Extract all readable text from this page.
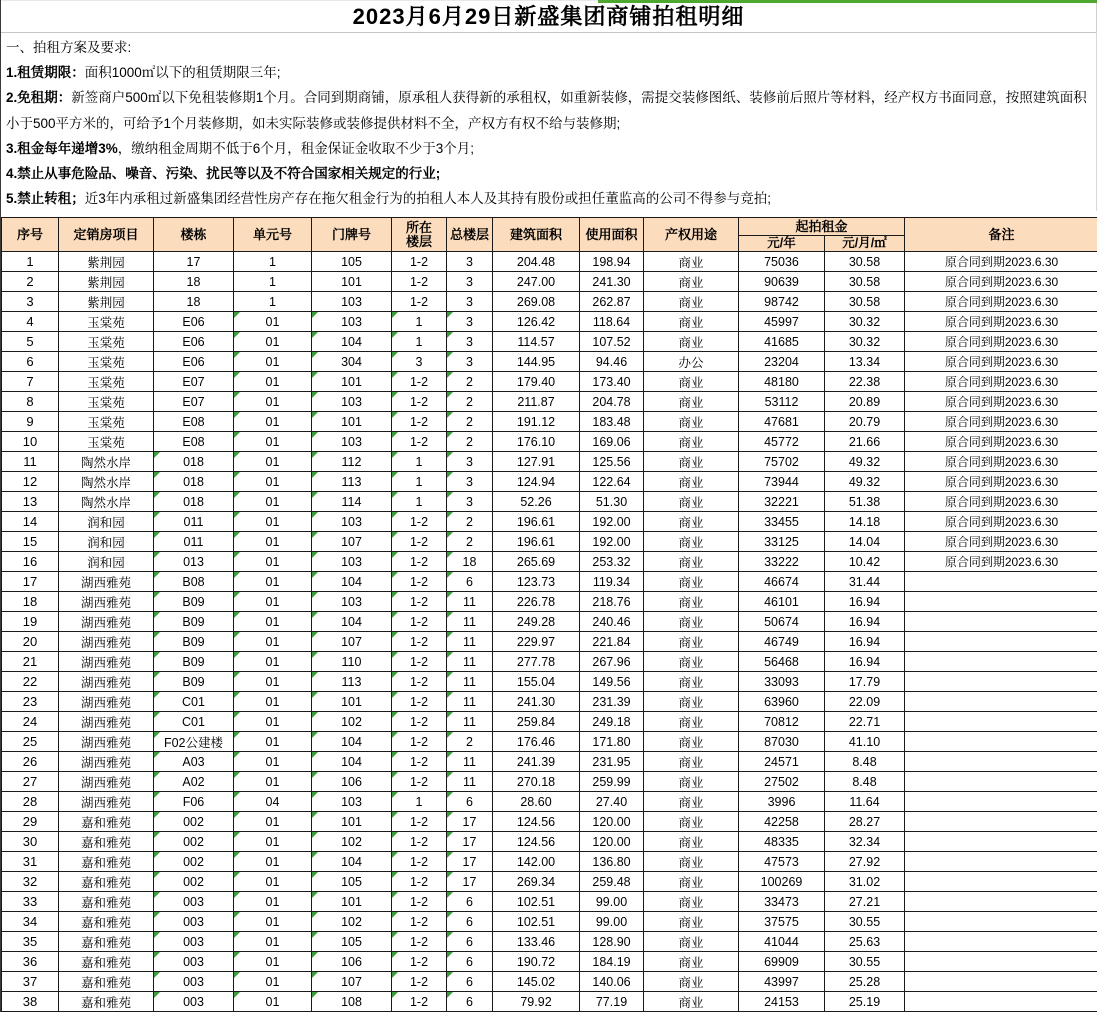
2023月6月29日新盛集团商铺拍租明细

一、拍租方案及要求:

1.租赁期限：面积1000㎡以下的租赁期限三年;

2.免租期：新签商户500㎡以下免租装修期1个月。合同到期商铺，原承租人获得新的承租权，如重新装修，需提交装修图纸、装修前后照片等材料，经产权方书面同意，按照建筑面积小于500平方米的，可给予1个月装修期，如未实际装修或装修提供材料不全，产权方有权不给与装修期;

3.租金每年递增3%，缴纳租金周期不低于6个月，租金保证金收取不少于3个月;

4.禁止从事危险品、噪音、污染、扰民等以及不符合国家相关规定的行业;

5.禁止转租；近3年内承租过新盛集团经营性房产存在拖欠租金行为的拍租人本人及其持有股份或担任董监高的公司不得参与竞拍;

序号	定销房项目	楼栋	单元号	门牌号	所在楼层	总楼层	建筑面积	使用面积	产权用途	起拍租金		备注
										元/年	元/月/㎡	
1	紫荆园	17	1	105	1-2	3	204.48	198.94	商业	75036	30.58	原合同到期2023.6.30
2	紫荆园	18	1	101	1-2	3	247.00	241.30	商业	90639	30.58	原合同到期2023.6.30
3	紫荆园	18	1	103	1-2	3	269.08	262.87	商业	98742	30.58	原合同到期2023.6.30
4	玉棠苑	E06	01	103	1	3	126.42	118.64	商业	45997	30.32	原合同到期2023.6.30
5	玉棠苑	E06	01	104	1	3	114.57	107.52	商业	41685	30.32	原合同到期2023.6.30
6	玉棠苑	E06	01	304	3	3	144.95	94.46	办公	23204	13.34	原合同到期2023.6.30
7	玉棠苑	E07	01	101	1-2	2	179.40	173.40	商业	48180	22.38	原合同到期2023.6.30
8	玉棠苑	E07	01	103	1-2	2	211.87	204.78	商业	53112	20.89	原合同到期2023.6.30
9	玉棠苑	E08	01	101	1-2	2	191.12	183.48	商业	47681	20.79	原合同到期2023.6.30
10	玉棠苑	E08	01	103	1-2	2	176.10	169.06	商业	45772	21.66	原合同到期2023.6.30
11	陶然水岸	018	01	112	1	3	127.91	125.56	商业	75702	49.32	原合同到期2023.6.30
12	陶然水岸	018	01	113	1	3	124.94	122.64	商业	73944	49.32	原合同到期2023.6.30
13	陶然水岸	018	01	114	1	3	52.26	51.30	商业	32221	51.38	原合同到期2023.6.30
14	润和园	011	01	103	1-2	2	196.61	192.00	商业	33455	14.18	原合同到期2023.6.30
15	润和园	011	01	107	1-2	2	196.61	192.00	商业	33125	14.04	原合同到期2023.6.30
16	润和园	013	01	103	1-2	18	265.69	253.32	商业	33222	10.42	原合同到期2023.6.30
17	湖西雅苑	B08	01	104	1-2	6	123.73	119.34	商业	46674	31.44	
18	湖西雅苑	B09	01	103	1-2	11	226.78	218.76	商业	46101	16.94	
19	湖西雅苑	B09	01	104	1-2	11	249.28	240.46	商业	50674	16.94	
20	湖西雅苑	B09	01	107	1-2	11	229.97	221.84	商业	46749	16.94	
21	湖西雅苑	B09	01	110	1-2	11	277.78	267.96	商业	56468	16.94	
22	湖西雅苑	B09	01	113	1-2	11	155.04	149.56	商业	33093	17.79	
23	湖西雅苑	C01	01	101	1-2	11	241.30	231.39	商业	63960	22.09	
24	湖西雅苑	C01	01	102	1-2	11	259.84	249.18	商业	70812	22.71	
25	湖西雅苑	F02公建楼	01	104	1-2	2	176.46	171.80	商业	87030	41.10	
26	湖西雅苑	A03	01	104	1-2	11	241.39	231.95	商业	24571	8.48	
27	湖西雅苑	A02	01	106	1-2	11	270.18	259.99	商业	27502	8.48	
28	湖西雅苑	F06	04	103	1	6	28.60	27.40	商业	3996	11.64	
29	嘉和雅苑	002	01	101	1-2	17	124.56	120.00	商业	42258	28.27	
30	嘉和雅苑	002	01	102	1-2	17	124.56	120.00	商业	48335	32.34	
31	嘉和雅苑	002	01	104	1-2	17	142.00	136.80	商业	47573	27.92	
32	嘉和雅苑	002	01	105	1-2	17	269.34	259.48	商业	100269	31.02	
33	嘉和雅苑	003	01	101	1-2	6	102.51	99.00	商业	33473	27.21	
34	嘉和雅苑	003	01	102	1-2	6	102.51	99.00	商业	37575	30.55	
35	嘉和雅苑	003	01	105	1-2	6	133.46	128.90	商业	41044	25.63	
36	嘉和雅苑	003	01	106	1-2	6	190.72	184.19	商业	69909	30.55	
37	嘉和雅苑	003	01	107	1-2	6	145.02	140.06	商业	43997	25.28	
38	嘉和雅苑	003	01	108	1-2	6	79.92	77.19	商业	24153	25.19	
